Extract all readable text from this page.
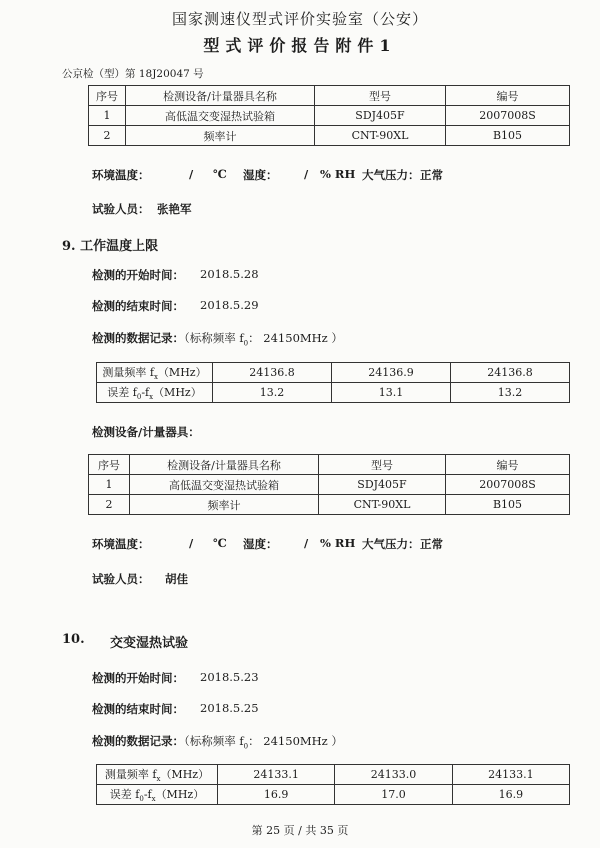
国家测速仪型式评价实验室（公安）
型式评价报告附件1
公京检（型）第 18J20047 号
序号	检测设备/计量器具名称	型号	编号
1	高低温交变湿热试验箱	SDJ405F	2007008S
2	频率计	CNT-90XL	B105
环境温度：	/ ℃ 湿度： / % RH 大气压力： 正常
试验人员： 张艳军
9. 工作温度上限
检测的开始时间： 2018.5.28
检测的结束时间： 2018.5.29
检测的数据记录：（标称频率 $f_0$： 24150MHz ）
测量频率 $f_x(MHz)$	24136.8	24136.9	24136.8
误差 $f_0-f_x(MHz)$	13.2	13.1	13.2
检测设备/计量器具：
序号	检测设备/计量器具名称	型号	编号
1	高低温交变湿热试验箱	SDJ405F	2007008S
2	频率计	CNT-90XL	B105
环境温度：	/ ℃ 湿度： / % RH 大气压力： 正常
试验人员： 胡佳
10. 交变湿热试验
检测的开始时间： 2018.5.23
检测的结束时间： 2018.5.25
检测的数据记录：（标称频率 $f_0$： 24150MHz ）
测量频率 $f_x(MHz)$	24133.1	24133.0	24133.1
误差 $f_0-f_x(MHz)$	16.9	17.0	16.9
第 25 页 / 共 35 页
